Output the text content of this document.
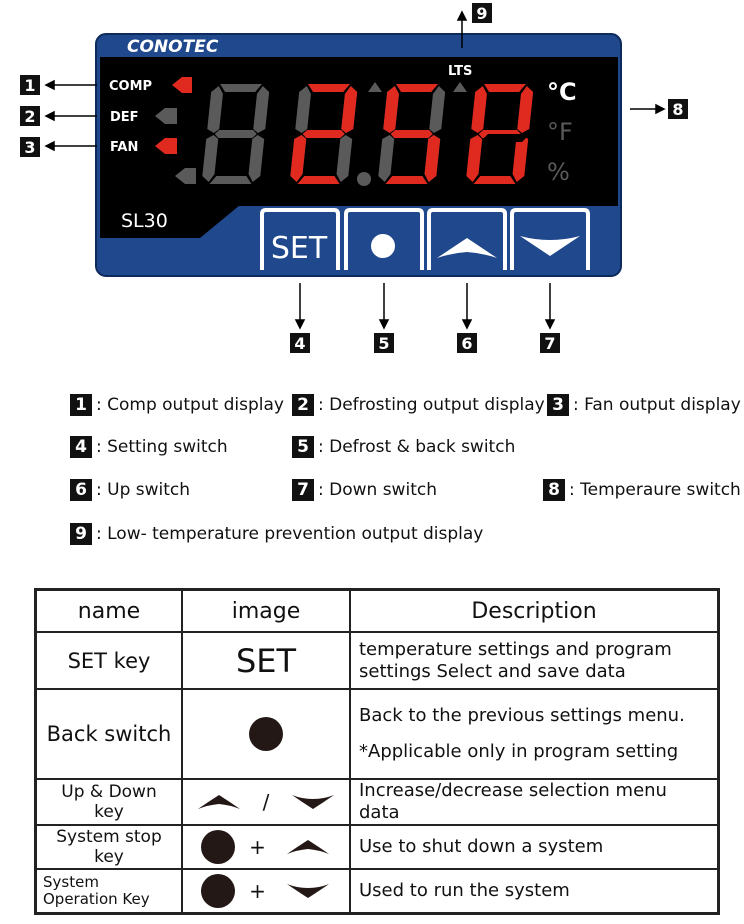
CONOTEC
SL30
LTS
COMP
DEF
FAN
°C
°F
%
SET
1
2
3
4	5	6	7
8
9
1 : Comp output display 2 : Defrosting output display 3 : Fan output display
4 : Setting switch	5 : Defrost & back switch
6 : Up switch	7 : Down switch	8 : Temperaure switch
9 : Low- temperature prevention output display
name	image	Description
SET key	SET	temperature settings and program settings Select and save data
Back switch		Back to the previous settings menu.
*Applicable only in program setting

Up & Down key	/	Increase/decrease selection menu data
System stop key	+	Use to shut down a system
System Operation Key	+	Used to run the system
